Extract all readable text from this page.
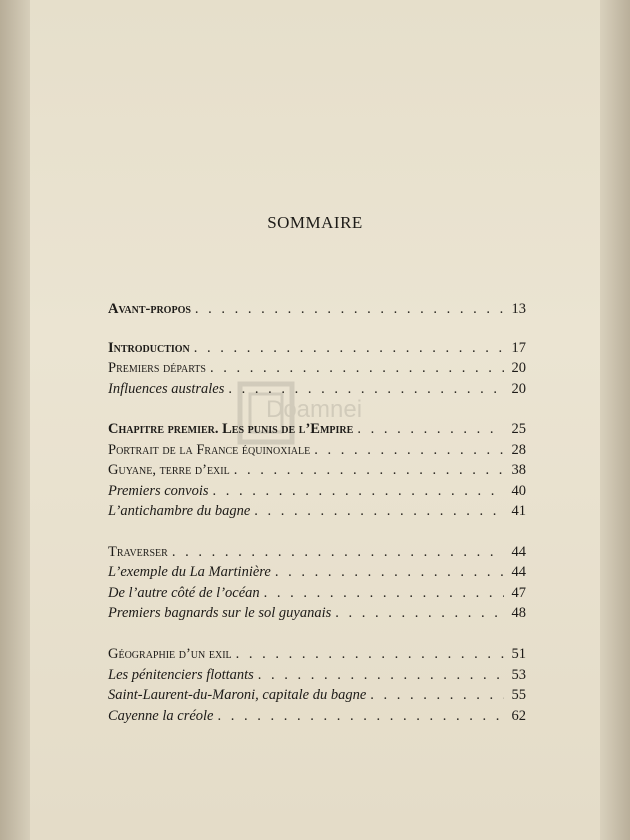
SOMMAIRE
Doamnei
Avant-propos . . .	13
Introduction . . .	17
Premiers départs . . .	20
Influences australes . . .	20
Chapitre premier. Les punis de l’Empire . . .	25
Portrait de la France équinoxiale . . .	28
Guyane, terre d’exil . . .	38
Premiers convois . . .	40
L’antichambre du bagne . . .	41
Traverser . . .	44
L’exemple du La Martinière . . .	44
De l’autre côté de l’océan . . .	47
Premiers bagnards sur le sol guyanais . . .	48
Géographie d’un exil . . .	51
Les pénitenciers flottants . . .	53
Saint-Laurent-du-Maroni, capitale du bagne . . .	55
Cayenne la créole . . .	62
